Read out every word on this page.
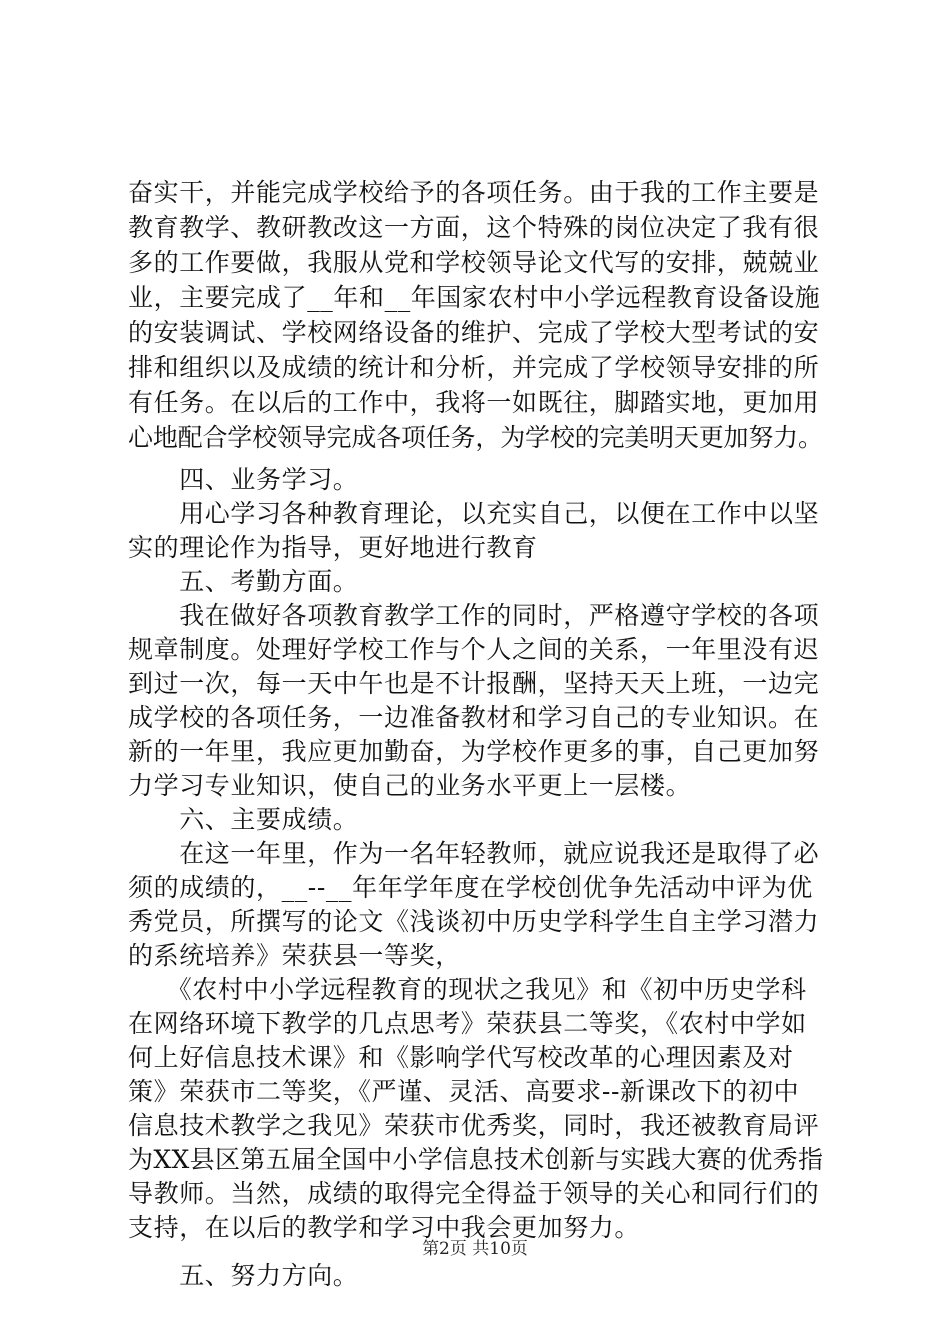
奋实干，并能完成学校给予的各项任务。由于我的工作主要是
教育教学、教研教改这一方面，这个特殊的岗位决定了我有很
多的工作要做，我服从党和学校领导论文代写的安排，兢兢业
业，主要完成了__年和__年国家农村中小学远程教育设备设施
的安装调试、学校网络设备的维护、完成了学校大型考试的安
排和组织以及成绩的统计和分析，并完成了学校领导安排的所
有任务。在以后的工作中，我将一如既往，脚踏实地，更加用
心地配合学校领导完成各项任务，为学校的完美明天更加努力。
　　四、业务学习。
　　用心学习各种教育理论，以充实自己，以便在工作中以坚
实的理论作为指导，更好地进行教育
　　五、考勤方面。
　　我在做好各项教育教学工作的同时，严格遵守学校的各项
规章制度。处理好学校工作与个人之间的关系，一年里没有迟
到过一次，每一天中午也是不计报酬，坚持天天上班，一边完
成学校的各项任务，一边准备教材和学习自己的专业知识。在
新的一年里，我应更加勤奋，为学校作更多的事，自己更加努
力学习专业知识，使自己的业务水平更上一层楼。
　　六、主要成绩。
　　在这一年里，作为一名年轻教师，就应说我还是取得了必
须的成绩的，__--__年年学年度在学校创优争先活动中评为优
秀党员，所撰写的论文《浅谈初中历史学科学生自主学习潜力
的系统培养》荣获县一等奖，
　　《农村中小学远程教育的现状之我见》和《初中历史学科
在网络环境下教学的几点思考》荣获县二等奖，《农村中学如
何上好信息技术课》和《影响学代写校改革的心理因素及对
策》荣获市二等奖，《严谨、灵活、高要求--新课改下的初中
信息技术教学之我见》荣获市优秀奖，同时，我还被教育局评
为XX县区第五届全国中小学信息技术创新与实践大赛的优秀指
导教师。当然，成绩的取得完全得益于领导的关心和同行们的
支持，在以后的教学和学习中我会更加努力。
　　五、努力方向。
第2页 共10页
